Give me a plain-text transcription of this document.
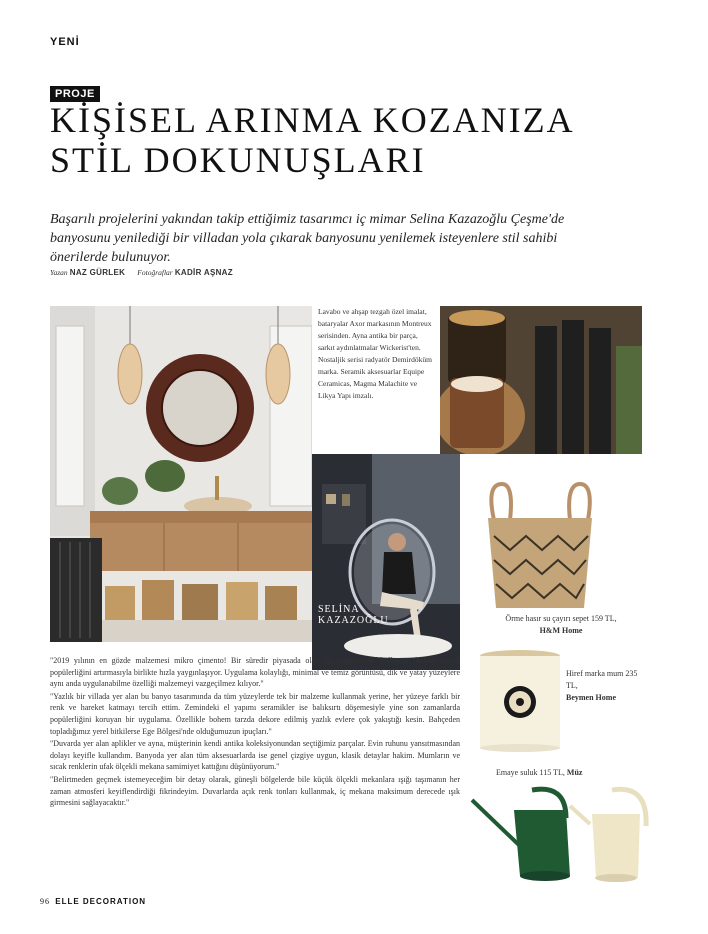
YENİ
PROJE
KİŞİSEL ARINMA KOZANIZA
STİL DOKUNUŞLARI
Başarılı projelerini yakından takip ettiğimiz tasarımcı iç mimar Selina Kazazoğlu Çeşme'de banyosunu yenilediği bir villadan yola çıkarak banyosunu yenilemek isteyenlere stil sahibi önerilerde bulunuyor.
Yazan NAZ GÜRLEK Fotoğraflar KADİR AŞNAZ
Lavabo ve ahşap tezgah özel imalat, bataryalar Axor markasının Montreux serisinden. Ayna antika bir parça, sarkıt aydınlatmalar Wickerist'ten. Nostaljik serisi radyatör Demirdöküm marka. Seramik aksesuarlar Equipe Ceramicas, Magma Malachite ve Likya Yapı imzalı.
SELİNA
KAZAZOĞLU	Örme hasır su çayırı sepet 159 TL,
H&M Home
Hiref marka mum 235 TL,
Beymen Home
Emaye suluk 115 TL, Müz

"2019 yılının en gözde malzemesi mikro çimento! Bir süredir piyasada olan bu malzemenin kullanımı bohem tarzın popülerliğini artırmasıyla birlikte hızla yaygınlaşıyor. Uygulama kolaylığı, minimal ve temiz görüntüsü, dik ve yatay yüzeylere aynı anda uygulanabilme özelliği malzemeyi vazgeçilmez kılıyor."

"Yazlık bir villada yer alan bu banyo tasarımında da tüm yüzeylerde tek bir malzeme kullanmak yerine, her yüzeye farklı bir renk ve hareket katmayı tercih ettim. Zemindeki el yapımı seramikler ise balıksırtı döşemesiyle yine son zamanlarda popülerliğini koruyan bir uygulama. Özellikle bohem tarzda dekore edilmiş yazlık evlere çok yakıştığı kesin. Bahçeden topladığımız yerel bitkilerse Ege Bölgesi'nde olduğumuzun ipuçları."

"Duvarda yer alan aplikler ve ayna, müşterinin kendi antika koleksiyonundan seçtiğimiz parçalar. Evin ruhunu yansıtmasından dolayı keyifle kullandım. Banyoda yer alan tüm aksesuarlarda ise genel çizgiye uygun, klasik detaylar hakim. Mumların ve sıcak renklerin ufak ölçekli mekana samimiyet kattığını düşünüyorum."

"Belirtmeden geçmek istemeyeceğim bir detay olarak, güneşli bölgelerde bile küçük ölçekli mekanlara ışığı taşımanın her zaman atmosferi keyiflendirdiği fikrindeyim. Duvarlarda açık renk tonları kullanmak, iç mekana maksimum derecede ışık girmesini sağlayacaktır."

96 ELLE DECORATION
